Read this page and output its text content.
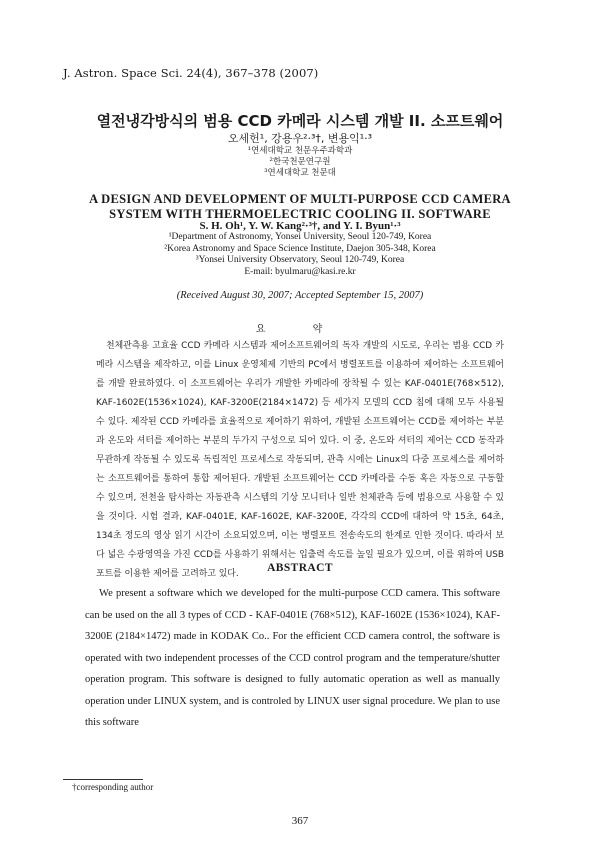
J. Astron. Space Sci. 24(4), 367–378 (2007)
열전냉각방식의 범용 CCD 카메라 시스템 개발 II. 소프트웨어
오세헌¹, 강용우²·³†, 변용익¹·³
¹연세대학교 천문우주과학과
²한국천문연구원
³연세대학교 천문대
A DESIGN AND DEVELOPMENT OF MULTI-PURPOSE CCD CAMERA
SYSTEM WITH THERMOELECTRIC COOLING II. SOFTWARE
S. H. Oh¹, Y. W. Kang²·³†, and Y. I. Byun¹·³
¹Department of Astronomy, Yonsei University, Seoul 120-749, Korea
²Korea Astronomy and Space Science Institute, Daejon 305-348, Korea
³Yonsei University Observatory, Seoul 120-749, Korea
E-mail: byulmaru@kasi.re.kr
(Received August 30, 2007; Accepted September 15, 2007)
요 약
천체관측용 고효율 CCD 카메라 시스템과 제어소프트웨어의 독자 개발의 시도로, 우리는 범용 CCD 카메라 시스템을 제작하고, 이를 Linux 운영체제 기반의 PC에서 병렬포트를 이용하여 제어하는 소프트웨어를 개발 완료하였다. 이 소프트웨어는 우리가 개발한 카메라에 장착될 수 있는 KAF-0401E(768×512), KAF-1602E(1536×1024), KAF-3200E(2184×1472) 등 세가지 모델의 CCD 칩에 대해 모두 사용될 수 있다. 제작된 CCD 카메라를 효율적으로 제어하기 위하여, 개발된 소프트웨어는 CCD를 제어하는 부분과 온도와 셔터를 제어하는 부분의 두가지 구성으로 되어 있다. 이 중, 온도와 셔터의 제어는 CCD 동작과 무관하게 작동될 수 있도록 독립적인 프로세스로 작동되며, 관측 시에는 Linux의 다중 프로세스를 제어하는 소프트웨어를 통하여 통합 제어된다. 개발된 소프트웨어는 CCD 카메라를 수동 혹은 자동으로 구동할 수 있으며, 전천을 탐사하는 자동관측 시스템의 기상 모니터나 일반 천체관측 등에 범용으로 사용할 수 있을 것이다. 시험 결과, KAF-0401E, KAF-1602E, KAF-3200E, 각각의 CCD에 대하여 약 15초, 64초, 134초 정도의 영상 읽기 시간이 소요되었으며, 이는 병렬포트 전송속도의 한계로 인한 것이다. 따라서 보다 넓은 수광영역을 가진 CCD를 사용하기 위해서는 입출력 속도를 높일 필요가 있으며, 이를 위하여 USB 포트를 이용한 제어를 고려하고 있다.	ABSTRACT
We present a software which we developed for the multi-purpose CCD camera. This software can be used on the all 3 types of CCD - KAF-0401E (768×512), KAF-1602E (1536×1024), KAF-3200E (2184×1472) made in KODAK Co.. For the efficient CCD camera control, the software is operated with two independent processes of the CCD control program and the temperature/shutter operation program. This software is designed to fully automatic operation as well as manually operation under LINUX system, and is controled by LINUX user signal procedure. We plan to use this software
†corresponding author
367
